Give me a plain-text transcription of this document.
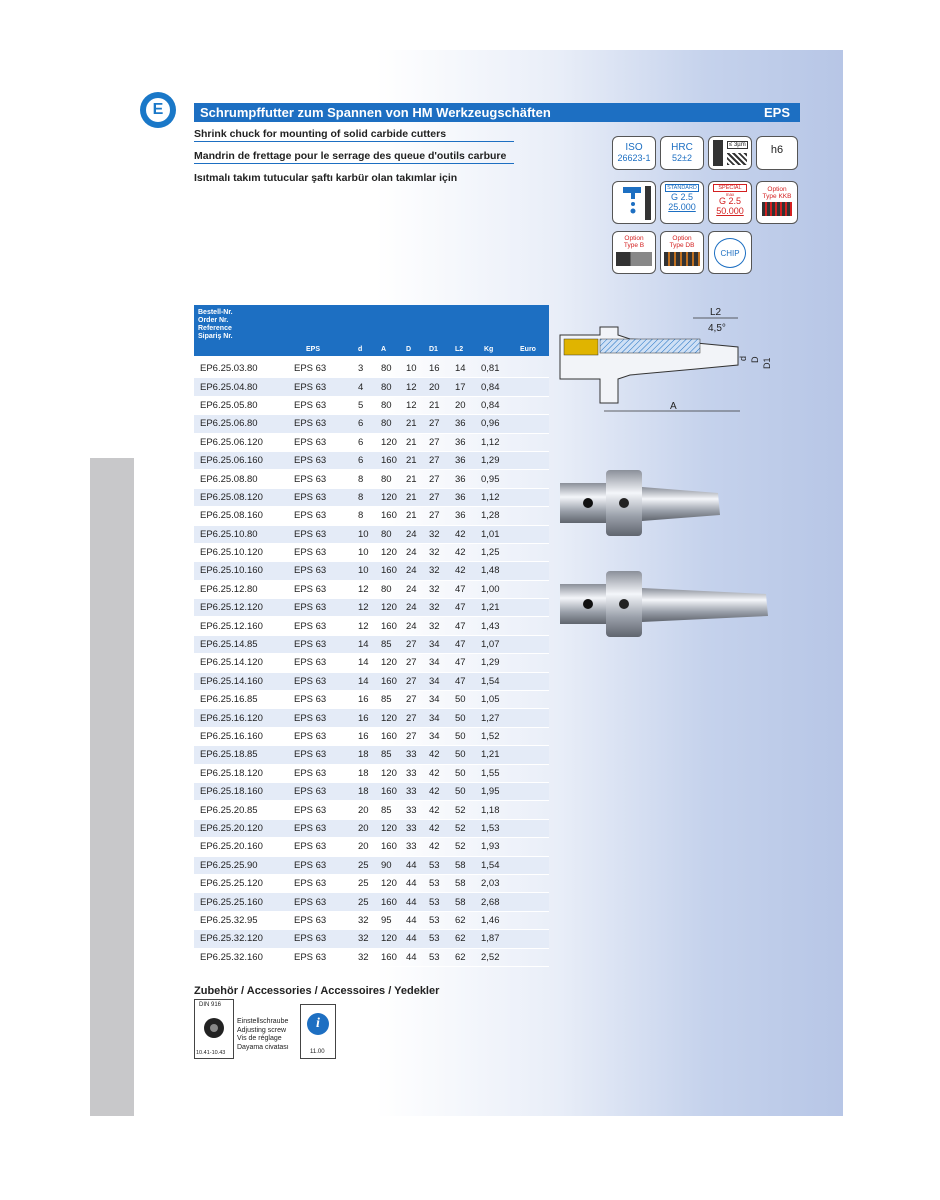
E	Schrumpffutter zum Spannen von HM Werkzeugschäften	EPS
Shrink chuck for mounting of solid carbide cutters
Mandrin de frettage pour le serrage des queue d'outils carbure
Isıtmalı takım tutucular şaftı karbür olan takımlar için
ISO
26623-1
HRC
52±2
≤ 3µm	h6
STANDARD
G 2.5
25.000
SPECIAL
max
G 2.5
50.000
Option
Type KKB
Option
Type B
Option
Type DB
CHIP
Bestell-Nr.
Order Nr.
Reference
Sipariş Nr.
EPS	d	A	D	D1 L2	Kg	Euro
EP6.25.03.80	EPS 63	3 80 10 16 14 0,81
EP6.25.04.80	EPS 63	4 80 12 20 17 0,84
EP6.25.05.80	EPS 63	5 80 12 21 20 0,84
EP6.25.06.80	EPS 63	6 80 21 27 36 0,96
EP6.25.06.120	EPS 63	6 120 21 27 36 1,12
EP6.25.06.160	EPS 63	6 160 21 27 36 1,29
EP6.25.08.80	EPS 63	8 80 21 27 36 0,95
EP6.25.08.120	EPS 63	8 120 21 27 36 1,12
EP6.25.08.160	EPS 63	8 160 21 27 36 1,28
EP6.25.10.80	EPS 63	10 80 24 32 42 1,01
EP6.25.10.120	EPS 63	10 120 24 32 42 1,25
EP6.25.10.160	EPS 63	10 160 24 32 42 1,48
EP6.25.12.80	EPS 63	12 80 24 32 47 1,00
EP6.25.12.120	EPS 63	12 120 24 32 47 1,21
EP6.25.12.160	EPS 63	12 160 24 32 47 1,43
EP6.25.14.85	EPS 63	14 85 27 34 47 1,07
EP6.25.14.120	EPS 63	14 120 27 34 47 1,29
EP6.25.14.160	EPS 63	14 160 27 34 47 1,54
EP6.25.16.85	EPS 63	16 85 27 34 50 1,05
EP6.25.16.120	EPS 63	16 120 27 34 50 1,27
EP6.25.16.160	EPS 63	16 160 27 34 50 1,52
EP6.25.18.85	EPS 63	18 85 33 42 50 1,21
EP6.25.18.120	EPS 63	18 120 33 42 50 1,55
EP6.25.18.160	EPS 63	18 160 33 42 50 1,95
EP6.25.20.85	EPS 63	20 85 33 42 52 1,18
EP6.25.20.120	EPS 63	20 120 33 42 52 1,53
EP6.25.20.160	EPS 63	20 160 33 42 52 1,93
EP6.25.25.90	EPS 63	25 90 44 53 58 1,54
EP6.25.25.120	EPS 63	25 120 44 53 58 2,03
EP6.25.25.160	EPS 63	25 160 44 53 58 2,68
EP6.25.32.95	EPS 63	32 95 44 53 62 1,46
EP6.25.32.120	EPS 63	32 120 44 53 62 1,87
EP6.25.32.160	EPS 63	32 160 44 53 62 2,52
L2
4,5°
A
d D D1
Zubehör / Accessories / Accessoires / Yedekler
DIN 916
10.41-10.43
Einstellschraube
Adjusting screw
Vis de réglage
Dayama civatası
i
11.00
